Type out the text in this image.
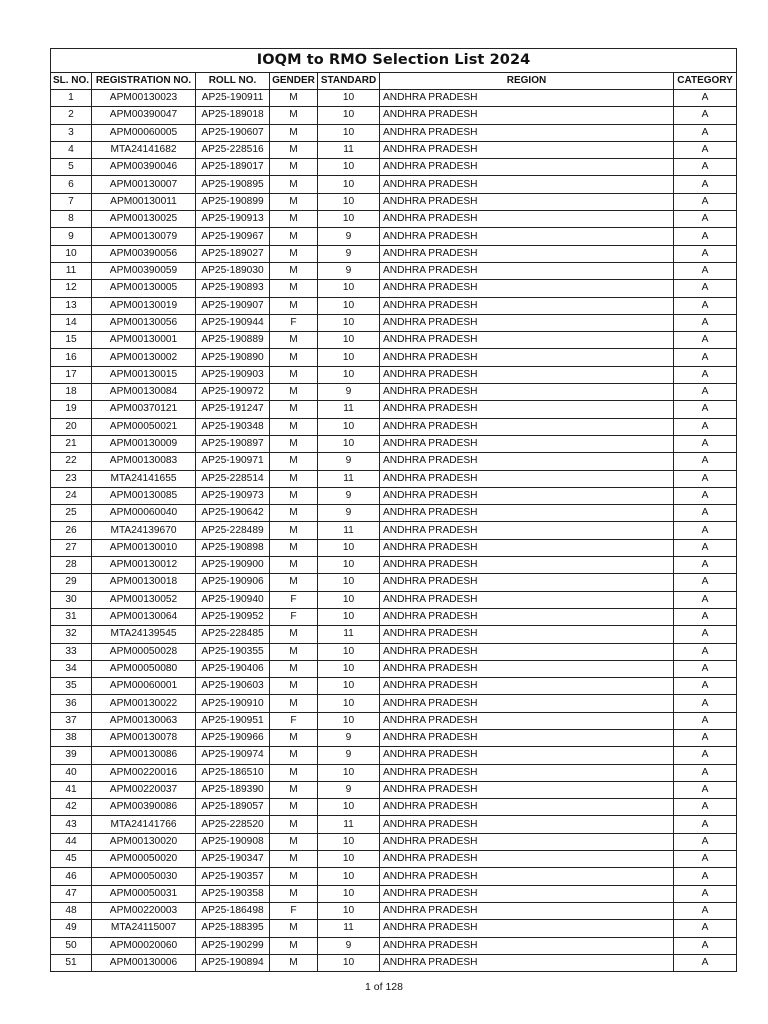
IOQM to RMO Selection List 2024						
SL. NO.	REGISTRATION NO.	ROLL NO.	GENDER	STANDARD	REGION	CATEGORY
1	APM00130023	AP25-190911	M	10	ANDHRA PRADESH	A
2	APM00390047	AP25-189018	M	10	ANDHRA PRADESH	A
3	APM00060005	AP25-190607	M	10	ANDHRA PRADESH	A
4	MTA24141682	AP25-228516	M	11	ANDHRA PRADESH	A
5	APM00390046	AP25-189017	M	10	ANDHRA PRADESH	A
6	APM00130007	AP25-190895	M	10	ANDHRA PRADESH	A
7	APM00130011	AP25-190899	M	10	ANDHRA PRADESH	A
8	APM00130025	AP25-190913	M	10	ANDHRA PRADESH	A
9	APM00130079	AP25-190967	M	9	ANDHRA PRADESH	A
10	APM00390056	AP25-189027	M	9	ANDHRA PRADESH	A
11	APM00390059	AP25-189030	M	9	ANDHRA PRADESH	A
12	APM00130005	AP25-190893	M	10	ANDHRA PRADESH	A
13	APM00130019	AP25-190907	M	10	ANDHRA PRADESH	A
14	APM00130056	AP25-190944	F	10	ANDHRA PRADESH	A
15	APM00130001	AP25-190889	M	10	ANDHRA PRADESH	A
16	APM00130002	AP25-190890	M	10	ANDHRA PRADESH	A
17	APM00130015	AP25-190903	M	10	ANDHRA PRADESH	A
18	APM00130084	AP25-190972	M	9	ANDHRA PRADESH	A
19	APM00370121	AP25-191247	M	11	ANDHRA PRADESH	A
20	APM00050021	AP25-190348	M	10	ANDHRA PRADESH	A
21	APM00130009	AP25-190897	M	10	ANDHRA PRADESH	A
22	APM00130083	AP25-190971	M	9	ANDHRA PRADESH	A
23	MTA24141655	AP25-228514	M	11	ANDHRA PRADESH	A
24	APM00130085	AP25-190973	M	9	ANDHRA PRADESH	A
25	APM00060040	AP25-190642	M	9	ANDHRA PRADESH	A
26	MTA24139670	AP25-228489	M	11	ANDHRA PRADESH	A
27	APM00130010	AP25-190898	M	10	ANDHRA PRADESH	A
28	APM00130012	AP25-190900	M	10	ANDHRA PRADESH	A
29	APM00130018	AP25-190906	M	10	ANDHRA PRADESH	A
30	APM00130052	AP25-190940	F	10	ANDHRA PRADESH	A
31	APM00130064	AP25-190952	F	10	ANDHRA PRADESH	A
32	MTA24139545	AP25-228485	M	11	ANDHRA PRADESH	A
33	APM00050028	AP25-190355	M	10	ANDHRA PRADESH	A
34	APM00050080	AP25-190406	M	10	ANDHRA PRADESH	A
35	APM00060001	AP25-190603	M	10	ANDHRA PRADESH	A
36	APM00130022	AP25-190910	M	10	ANDHRA PRADESH	A
37	APM00130063	AP25-190951	F	10	ANDHRA PRADESH	A
38	APM00130078	AP25-190966	M	9	ANDHRA PRADESH	A
39	APM00130086	AP25-190974	M	9	ANDHRA PRADESH	A
40	APM00220016	AP25-186510	M	10	ANDHRA PRADESH	A
41	APM00220037	AP25-189390	M	9	ANDHRA PRADESH	A
42	APM00390086	AP25-189057	M	10	ANDHRA PRADESH	A
43	MTA24141766	AP25-228520	M	11	ANDHRA PRADESH	A
44	APM00130020	AP25-190908	M	10	ANDHRA PRADESH	A
45	APM00050020	AP25-190347	M	10	ANDHRA PRADESH	A
46	APM00050030	AP25-190357	M	10	ANDHRA PRADESH	A
47	APM00050031	AP25-190358	M	10	ANDHRA PRADESH	A
48	APM00220003	AP25-186498	F	10	ANDHRA PRADESH	A
49	MTA24115007	AP25-188395	M	11	ANDHRA PRADESH	A
50	APM00020060	AP25-190299	M	9	ANDHRA PRADESH	A
51	APM00130006	AP25-190894	M	10	ANDHRA PRADESH	A
1 of 128
